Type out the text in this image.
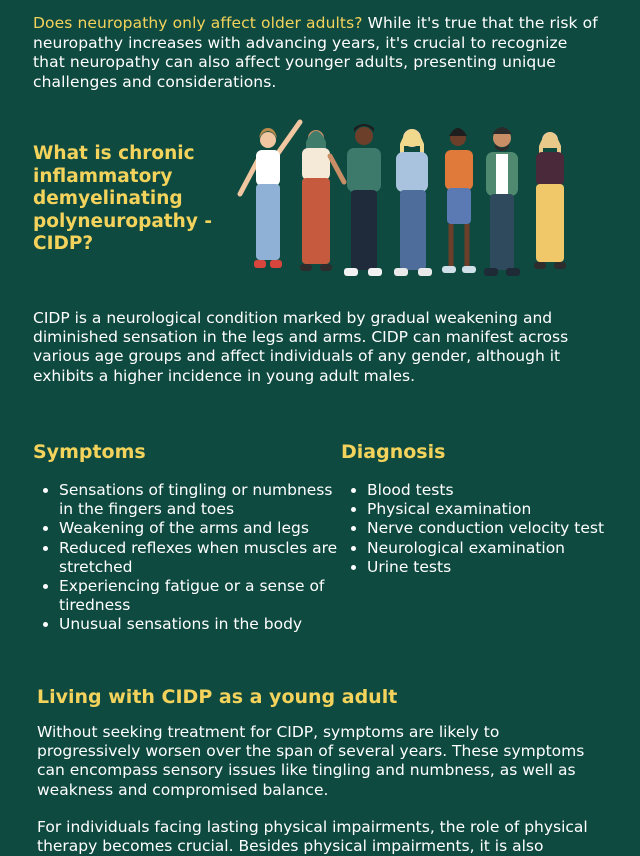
Does neuropathy only affect older adults? While it's true that the risk of neuropathy increases with advancing years, it's crucial to recognize that neuropathy can also affect younger adults, presenting unique challenges and considerations.
What is chronic inflammatory demyelinating polyneuropathy - CIDP?
CIDP is a neurological condition marked by gradual weakening and diminished sensation in the legs and arms. CIDP can manifest across various age groups and affect individuals of any gender, although it exhibits a higher incidence in young adult males.
Symptoms
• Sensations of tingling or numbness in the fingers and toes
• Weakening of the arms and legs
• Reduced reflexes when muscles are stretched
• Experiencing fatigue or a sense of tiredness
• Unusual sensations in the body
Diagnosis
• Blood tests
• Physical examination
• Nerve conduction velocity test
• Neurological examination
• Urine tests
Living with CIDP as a young adult

Without seeking treatment for CIDP, symptoms are likely to progressively worsen over the span of several years. These symptoms can encompass sensory issues like tingling and numbness, as well as weakness and compromised balance.

For individuals facing lasting physical impairments, the role of physical therapy becomes crucial. Besides physical impairments, it is also
